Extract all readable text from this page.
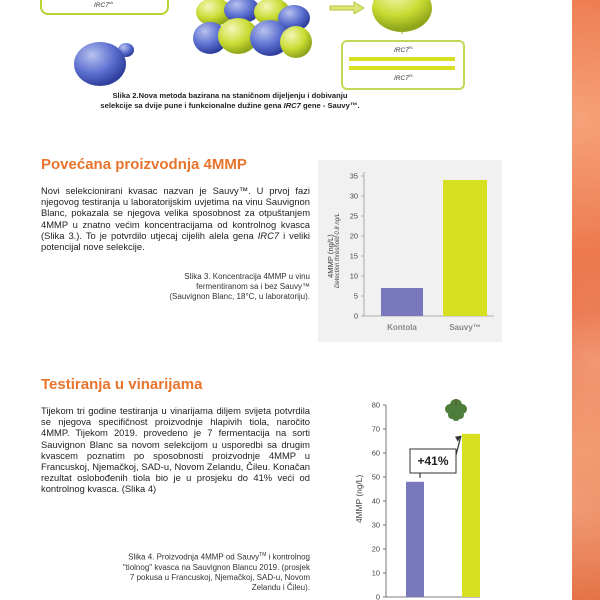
$IRC7^{sh}$
$IRC7^{FL}$
$IRC7^{FL}$
Slika 2.Nova metoda bazirana na staničnom dijeljenju i dobivanju
selekcije sa dvije pune i funkcionalne dužine gena IRC7 gene - Sauvy™.
Povećana proizvodnja 4MMP
Novi selekcionirani kvasac nazvan je Sauvy™. U prvoj fazi njegovog testiranja u laboratorijskim uvjetima na vinu Sauvignon Blanc, pokazala se njegova velika sposobnost za otpuštanjem 4MMP u znatno većim koncentracijama od kontrolnog kvasca (Slika 3.). To je potvrdilo utjecaj cijelih alela gena IRC7 i veliki potencijal nove selekcije.
Slika 3. Koncentracija 4MMP u vinu
fermentiranom sa i bez Sauvy™
(Sauvignon Blanc, 18°C, u laboratoriju).
4MMP (ng/L) Detection threshold 0.8 ng/L
0
5
10
15
20
25
30
35
Kontola	Sauvy™
Testiranja u vinarijama
Tijekom tri godine testiranja u vinarijama diljem svijeta potvrdila se njegova specifičnost proizvodnje hlapivih tiola, naročito 4MMP. Tijekom 2019. provedeno je 7 fermentacija na sorti Sauvignon Blanc sa novom selekcijom u usporedbi sa drugim kvascem poznatim po sposobnosti proizvodnje 4MMP u Francuskoj, Njemačkoj, SAD-u, Novom Zelandu, Čileu. Konačan rezultat oslobođenih tiola bio je u prosjeku do 41% veći od kontrolnog kvasca. (Slika 4)
Slika 4. Proizvodnja 4MMP od Sauvy™ i kontrolnog
"tiolnog" kvasca na Sauvignon Blancu 2019. (prosjek
7 pokusa u Francuskoj, Njemačkoj, SAD-u, Novom
Zelandu i Čileu).
4MMP (ng/L)
0
10
20
30
40
50
60
70
80
+41%
